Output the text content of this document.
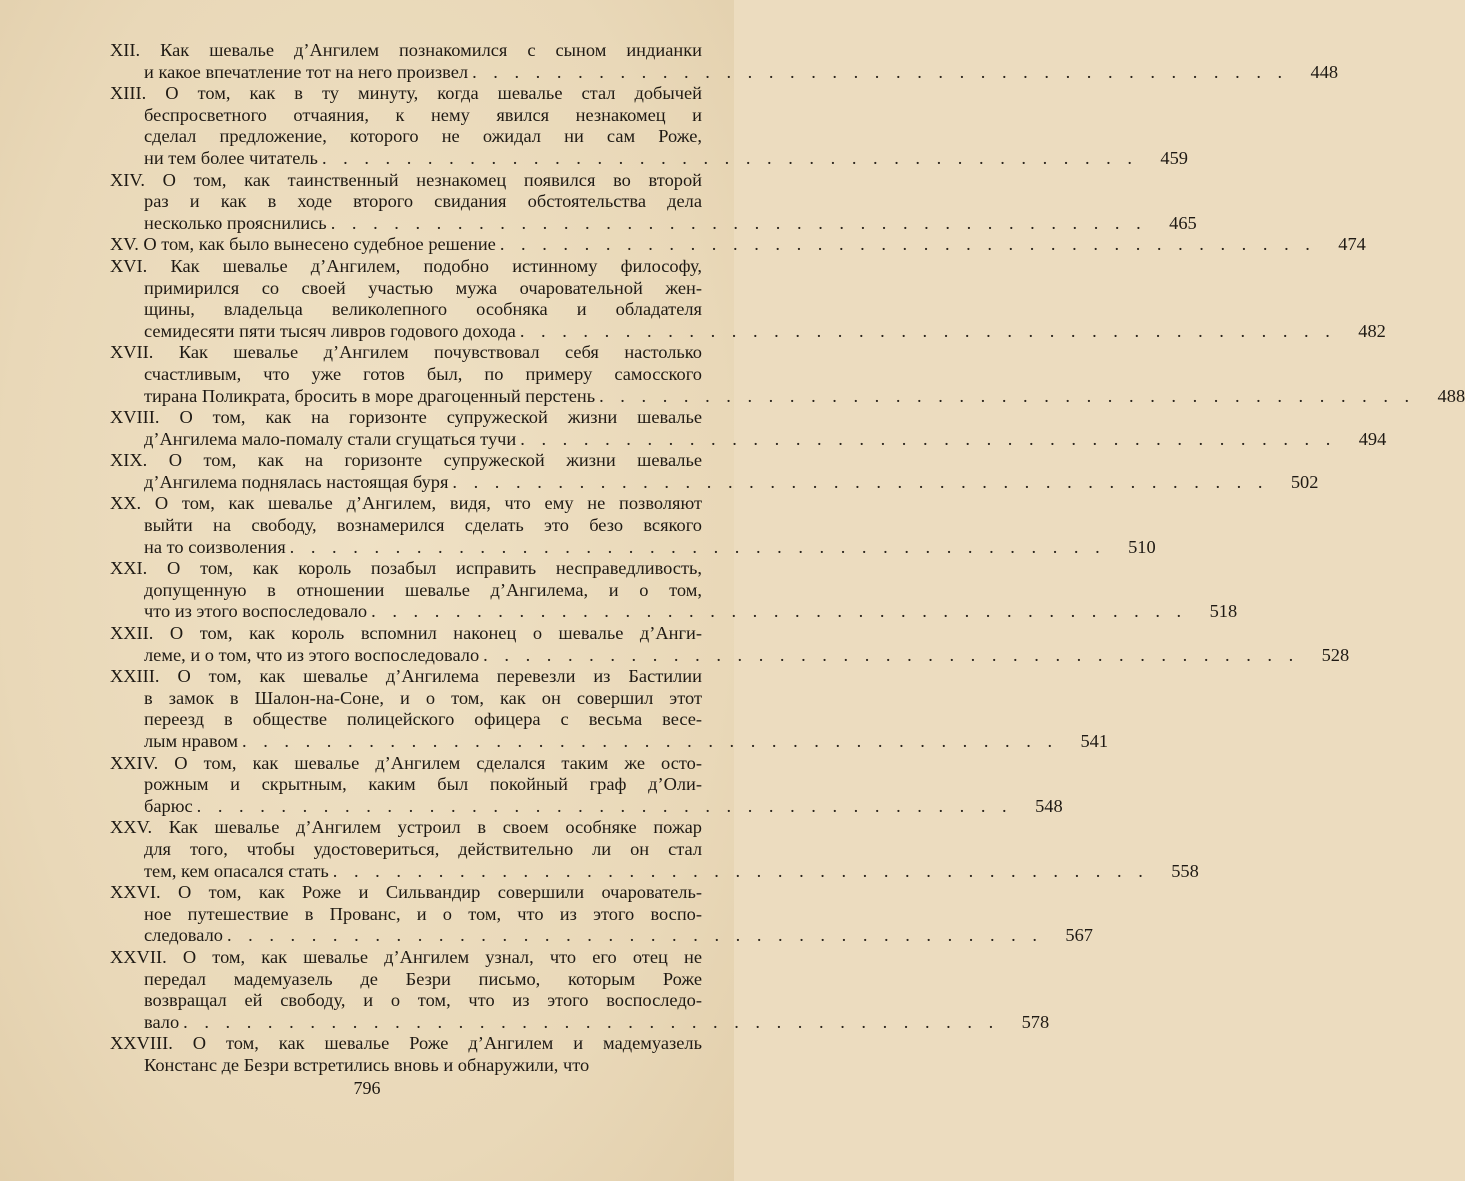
XII. Как шевалье д’Ангилем познакомился с сыном индианки
и какое впечатление тот на него произвел . . . . . . . . . . . . . . . . . . . . . . . . . . . . . . . . . . . . . . .	448
XIII. О том, как в ту минуту, когда шевалье стал добычей
беспросветного отчаяния, к нему явился незнакомец и
сделал предложение, которого не ожидал ни сам Роже,
ни тем более читатель . . . . . . . . . . . . . . . . . . . . . . . . . . . . . . . . . . . . . . .	459
XIV. О том, как таинственный незнакомец появился во второй
раз и как в ходе второго свидания обстоятельства дела
несколько прояснились . . . . . . . . . . . . . . . . . . . . . . . . . . . . . . . . . . . . . . .	465
XV. О том, как было вынесено судебное решение . . . . . . . . . . . . . . . . . . . . . . . . . . . . . . . . . . . . . . .	474
XVI. Как шевалье д’Ангилем, подобно истинному философу,
примирился со своей участью мужа очаровательной жен-
щины, владельца великолепного особняка и обладателя
семидесяти пяти тысяч ливров годового дохода . . . . . . . . . . . . . . . . . . . . . . . . . . . . . . . . . . . . . . .	482
XVII. Как шевалье д’Ангилем почувствовал себя настолько
счастливым, что уже готов был, по примеру самосского
тирана Поликрата, бросить в море драгоценный перстень . . . . . . . . . . . . . . . . . . . . . . . . . . . . . . . . . . . . . . .	488
XVIII. О том, как на горизонте супружеской жизни шевалье
д’Ангилема мало-помалу стали сгущаться тучи . . . . . . . . . . . . . . . . . . . . . . . . . . . . . . . . . . . . . . .	494
XIX. О том, как на горизонте супружеской жизни шевалье
д’Ангилема поднялась настоящая буря . . . . . . . . . . . . . . . . . . . . . . . . . . . . . . . . . . . . . . .	502
XX. О том, как шевалье д’Ангилем, видя, что ему не позволяют
выйти на свободу, вознамерился сделать это безо всякого
на то соизволения . . . . . . . . . . . . . . . . . . . . . . . . . . . . . . . . . . . . . . .	510
XXI. О том, как король позабыл исправить несправедливость,
допущенную в отношении шевалье д’Ангилема, и о том,
что из этого воспоследовало . . . . . . . . . . . . . . . . . . . . . . . . . . . . . . . . . . . . . . .	518
XXII. О том, как король вспомнил наконец о шевалье д’Анги-
леме, и о том, что из этого воспоследовало . . . . . . . . . . . . . . . . . . . . . . . . . . . . . . . . . . . . . . .	528
XXIII. О том, как шевалье д’Ангилема перевезли из Бастилии
в замок в Шалон-на-Соне, и о том, как он совершил этот
переезд в обществе полицейского офицера с весьма весе-
лым нравом . . . . . . . . . . . . . . . . . . . . . . . . . . . . . . . . . . . . . . .	541
XXIV. О том, как шевалье д’Ангилем сделался таким же осто-
рожным и скрытным, каким был покойный граф д’Оли-
барюс . . . . . . . . . . . . . . . . . . . . . . . . . . . . . . . . . . . . . . .	548
XXV. Как шевалье д’Ангилем устроил в своем особняке пожар
для того, чтобы удостовериться, действительно ли он стал
тем, кем опасался стать . . . . . . . . . . . . . . . . . . . . . . . . . . . . . . . . . . . . . . .	558
XXVI. О том, как Роже и Сильвандир совершили очарователь-
ное путешествие в Прованс, и о том, что из этого воспо-
следовало . . . . . . . . . . . . . . . . . . . . . . . . . . . . . . . . . . . . . . .	567
XXVII. О том, как шевалье д’Ангилем узнал, что его отец не
передал мадемуазель де Безри письмо, которым Роже
возвращал ей свободу, и о том, что из этого воспоследо-
вало . . . . . . . . . . . . . . . . . . . . . . . . . . . . . . . . . . . . . . .	578
XXVIII. О том, как шевалье Роже д’Ангилем и мадемуазель
Констанс де Безри встретились вновь и обнаружили, что
796
